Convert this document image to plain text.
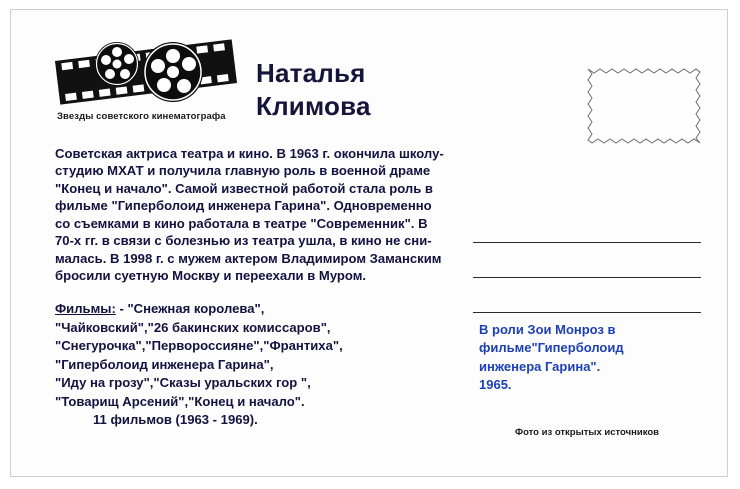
Звезды советского кинематографа
Наталья
Климова
Советская актриса театра и кино. В 1963 г. окончила школу-
студию МХАТ и получила главную роль в военной драме
"Конец и начало". Самой известной работой стала роль в
фильме "Гиперболоид инженера Гарина". Одновременно
со съемками в кино работала в театре "Современник". В
70-х гг. в связи с болезнью из театра ушла, в кино не сни-
малась. В 1998 г. с мужем актером Владимиром Заманским
бросили суетную Москву и переехали в Муром.
Фильмы: - "Снежная королева",
"Чайковский","26 бакинских комиссаров",
"Снегурочка","Первороссияне","Франтиха",
"Гиперболоид инженера Гарина",
"Иду на грозу","Сказы уральских гор ",
"Товарищ Арсений","Конец и начало".
11 фильмов (1963 - 1969).
В роли Зои Монроз в
фильме"Гиперболоид
инженера Гарина".
1965.
Фото из открытых источников
